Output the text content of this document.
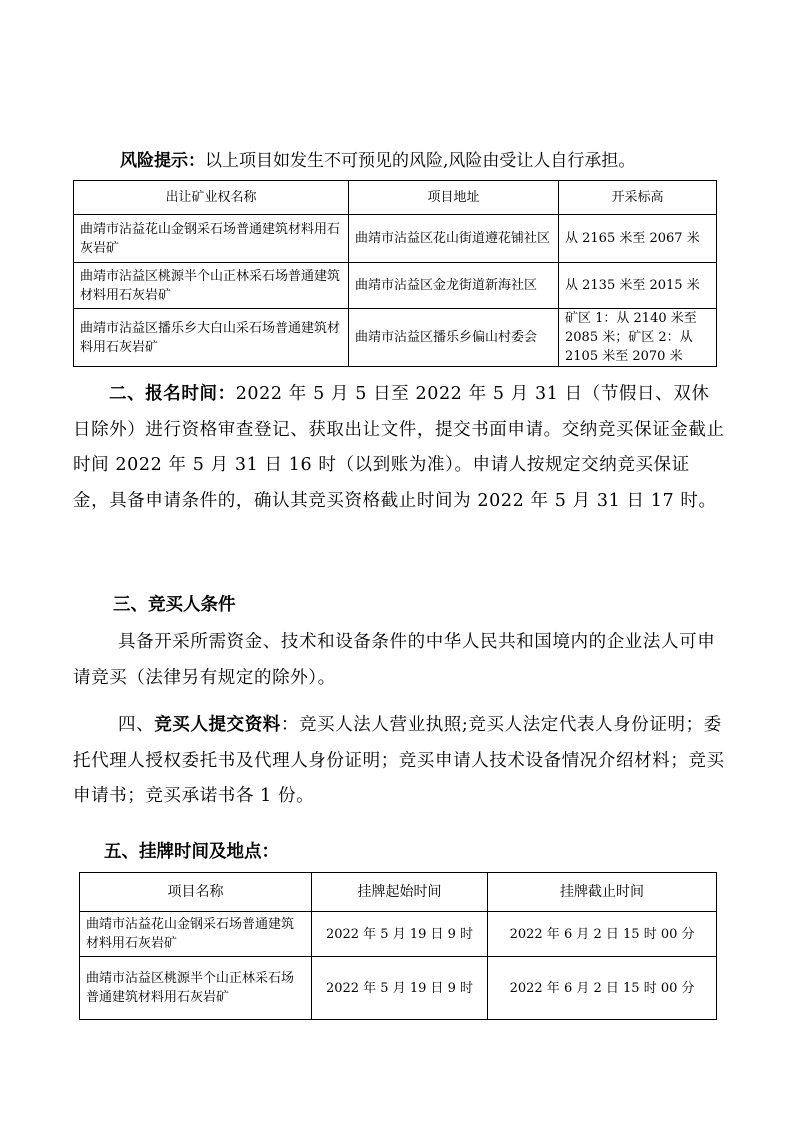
风险提示：以上项目如发生不可预见的风险,风险由受让人自行承担。
出让矿业权名称	项目地址	开采标高
曲靖市沾益花山金钢采石场普通建筑材料用石灰岩矿	曲靖市沾益区花山街道遵花铺社区	从 2165 米至 2067 米
曲靖市沾益区桃源半个山正林采石场普通建筑材料用石灰岩矿	曲靖市沾益区金龙街道新海社区	从 2135 米至 2015 米
曲靖市沾益区播乐乡大白山采石场普通建筑材料用石灰岩矿	曲靖市沾益区播乐乡偏山村委会	矿区 1：从 2140 米至 2085 米；矿区 2：从 2105 米至 2070 米
二、报名时间：2022 年 5 月 5 日至 2022 年 5 月 31 日（节假日、双休日除外）进行资格审查登记、获取出让文件，提交书面申请。交纳竞买保证金截止时间 2022 年 5 月 31 日 16 时（以到账为准）。申请人按规定交纳竞买保证金，具备申请条件的，确认其竞买资格截止时间为 2022 年 5 月 31 日 17 时。
三、竞买人条件
具备开采所需资金、技术和设备条件的中华人民共和国境内的企业法人可申请竞买（法律另有规定的除外）。
四、竞买人提交资料：竞买人法人营业执照;竞买人法定代表人身份证明；委托代理人授权委托书及代理人身份证明；竞买申请人技术设备情况介绍材料；竞买申请书；竞买承诺书各 1 份。
五、挂牌时间及地点：
项目名称	挂牌起始时间	挂牌截止时间
曲靖市沾益花山金钢采石场普通建筑材料用石灰岩矿	2022 年 5 月 19 日 9 时	2022 年 6 月 2 日 15 时 00 分
曲靖市沾益区桃源半个山正林采石场普通建筑材料用石灰岩矿	2022 年 5 月 19 日 9 时	2022 年 6 月 2 日 15 时 00 分
